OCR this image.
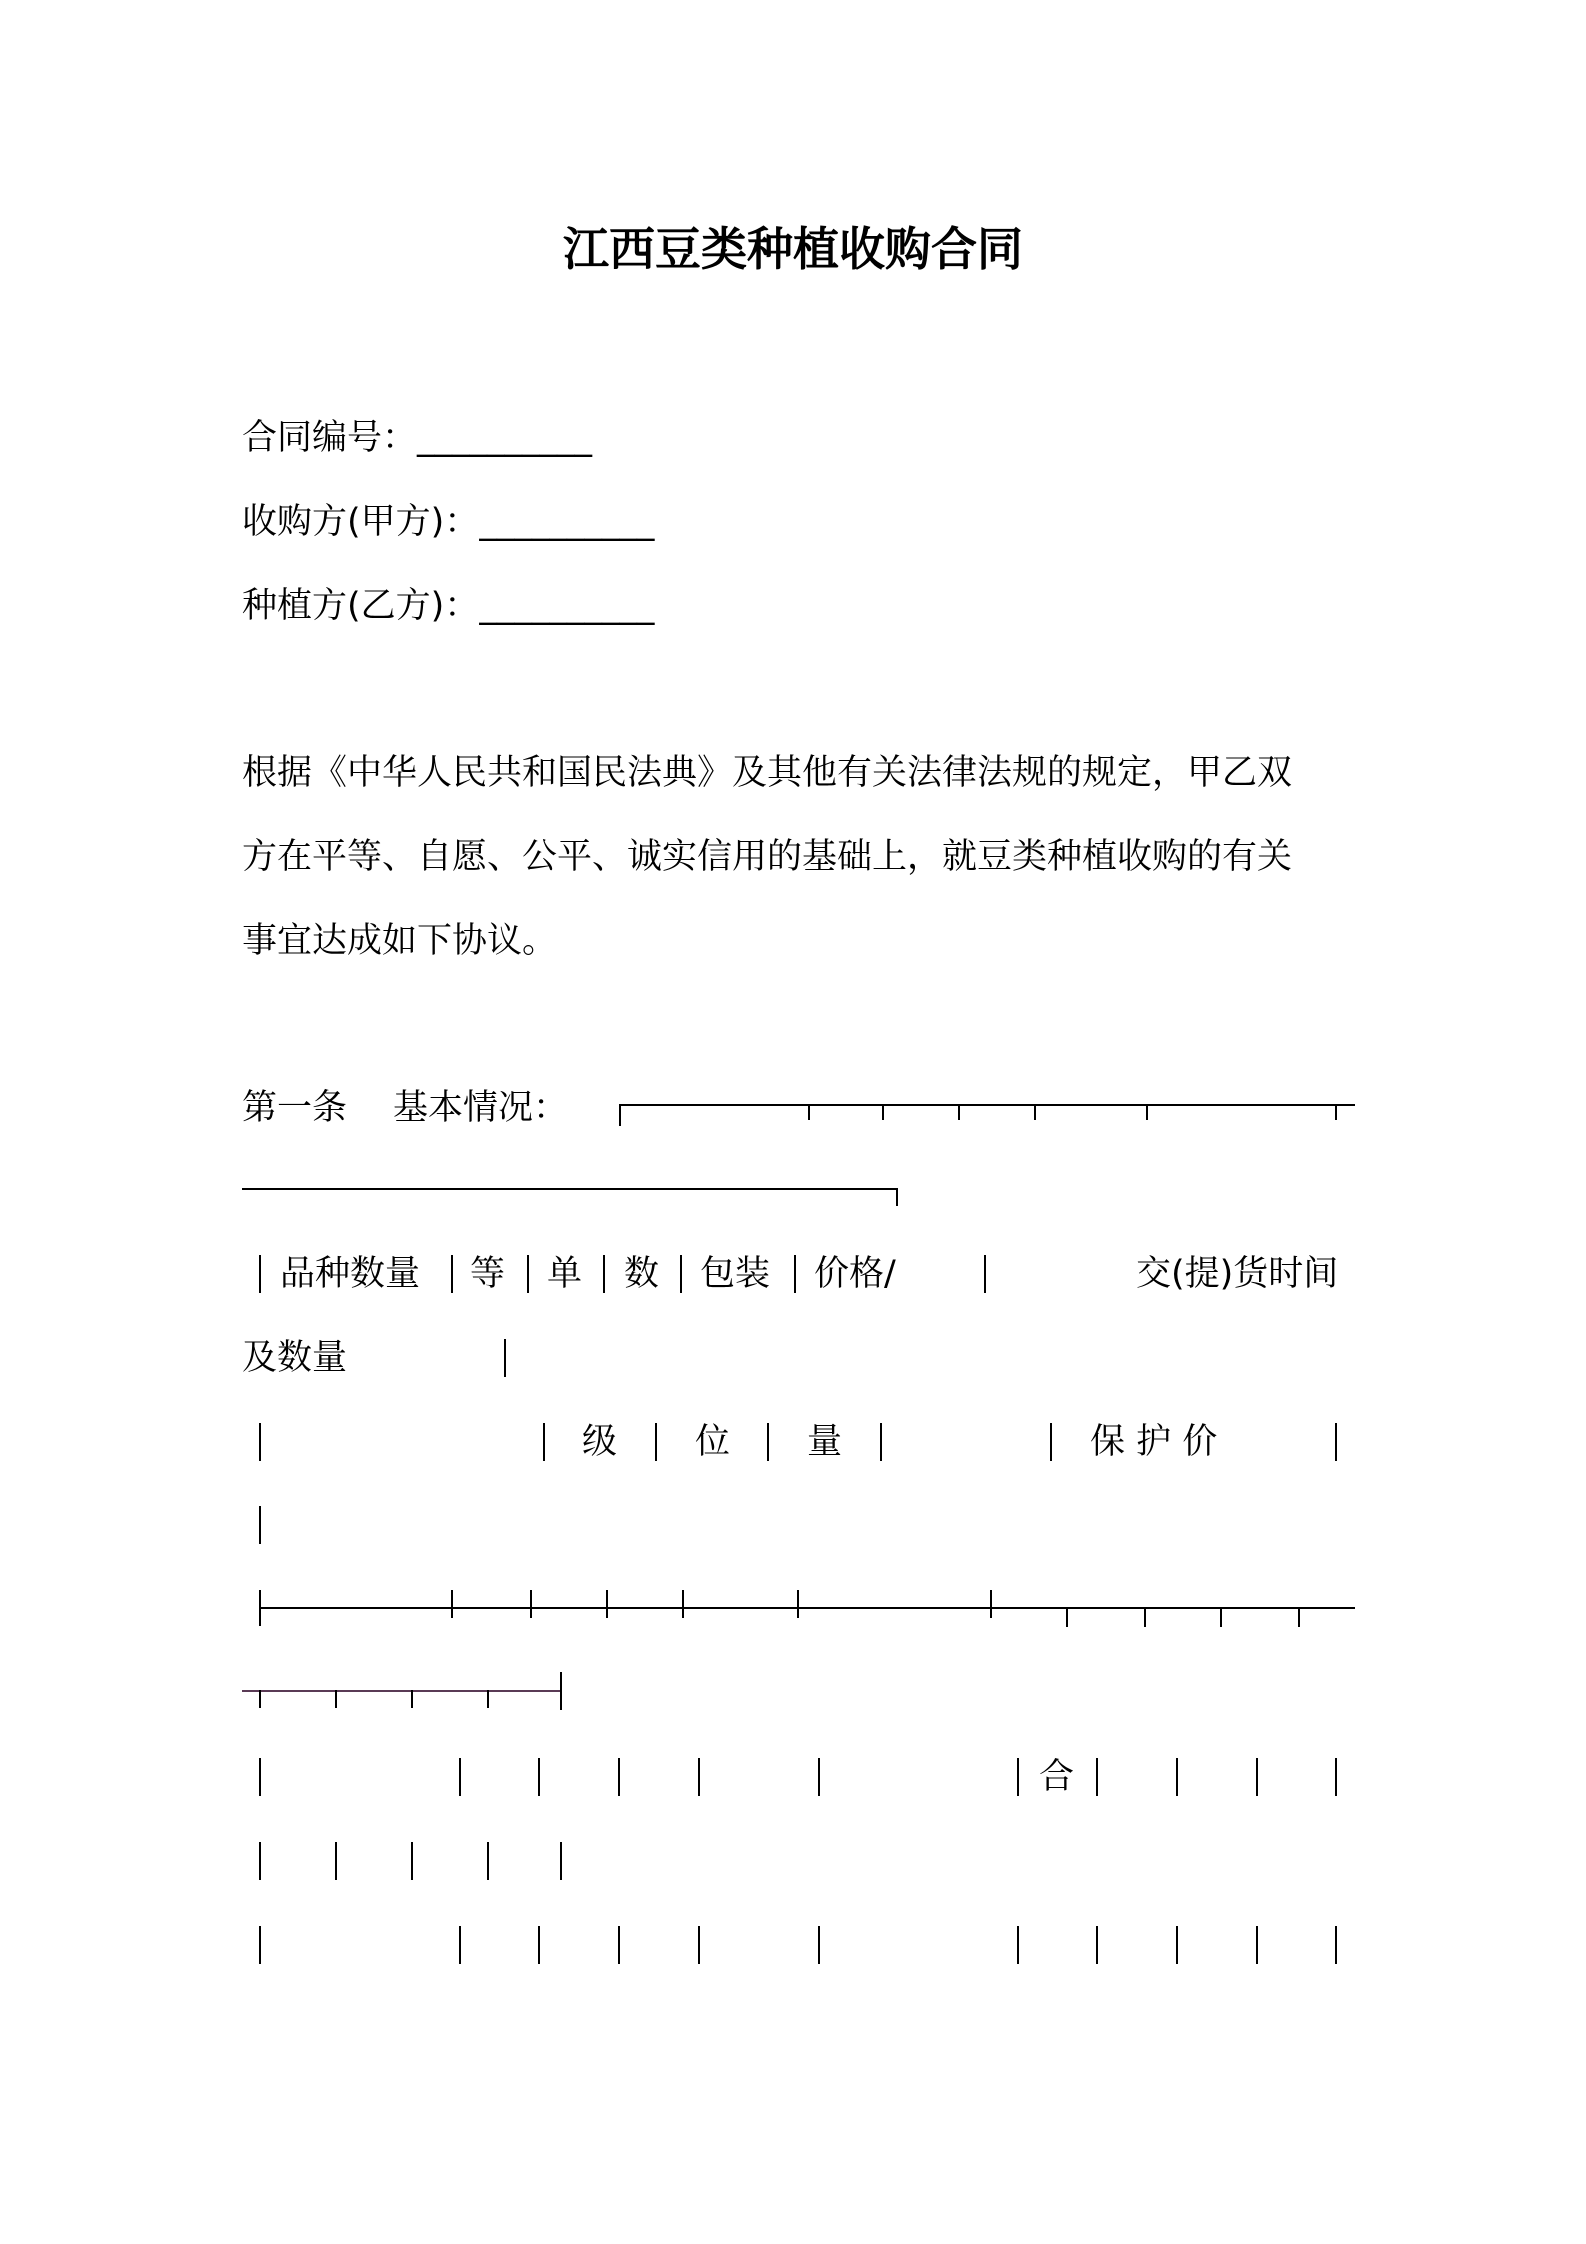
江西豆类种植收购合同
合同编号：__________
收购方(甲方)：__________
种植方(乙方)：__________
根据《中华人民共和国民法典》及其他有关法律法规的规定，甲乙双
方在平等、自愿、公平、诚实信用的基础上，就豆类种植收购的有关
事宜达成如下协议。
第一条 基本情况：
品种数量 等 单 数 包装 价格/	交(提)货时间
及数量
级 位 量	保 护 价
合
